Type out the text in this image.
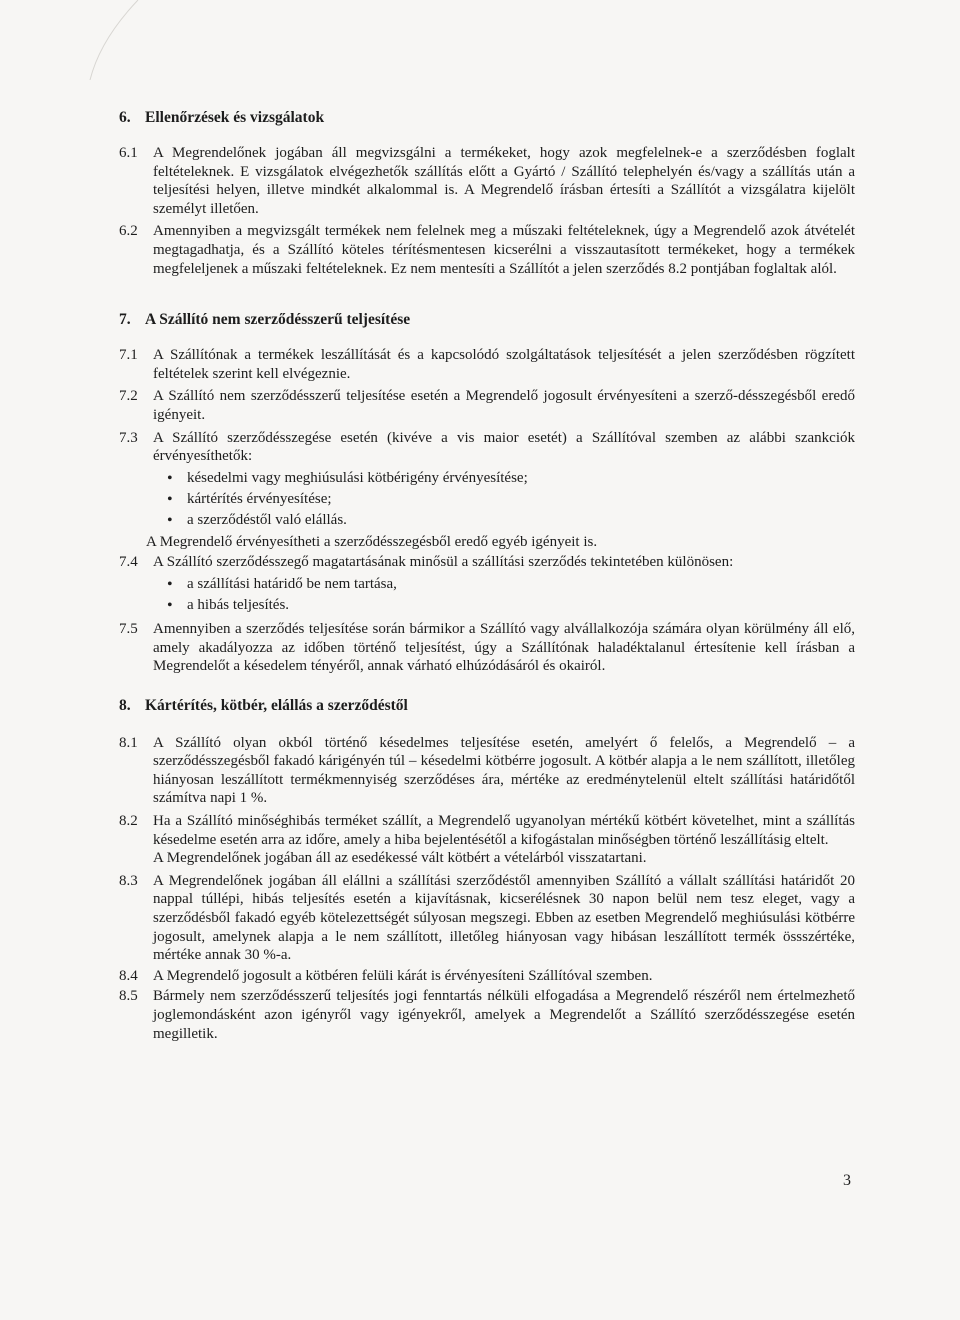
6. Ellenőrzések és vizsgálatok
6.1	A Megrendelőnek jogában áll megvizsgálni a termékeket, hogy azok megfelelnek-e a szerződésben foglalt feltételeknek. E vizsgálatok elvégezhetők szállítás előtt a Gyártó / Szállító telephelyén és/vagy a szállítás után a teljesítési helyen, illetve mindkét alkalommal is. A Megrendelő írásban értesíti a Szállítót a vizsgálatra kijelölt személyt illetően.
6.2	Amennyiben a megvizsgált termékek nem felelnek meg a műszaki feltételeknek, úgy a Megrendelő azok átvételét megtagadhatja, és a Szállító köteles térítésmentesen kicserélni a visszautasított termékeket, hogy a termékek megfeleljenek a műszaki feltételeknek. Ez nem mentesíti a Szállítót a jelen szerződés 8.2 pontjában foglaltak alól.
7. A Szállító nem szerződésszerű teljesítése
7.1	A Szállítónak a termékek leszállítását és a kapcsolódó szolgáltatások teljesítését a jelen szerződésben rögzített feltételek szerint kell elvégeznie.
7.2	A Szállító nem szerződésszerű teljesítése esetén a Megrendelő jogosult érvényesíteni a szerző-désszegésből eredő igényeit.
7.3	A Szállító szerződésszegése esetén (kivéve a vis maior esetét) a Szállítóval szemben az alábbi szankciók érvényesíthetők:
• késedelmi vagy meghiúsulási kötbérigény érvényesítése;
• kártérítés érvényesítése;
• a szerződéstől való elállás.
A Megrendelő érvényesítheti a szerződésszegésből eredő egyéb igényeit is.
7.4	A Szállító szerződésszegő magatartásának minősül a szállítási szerződés tekintetében különösen:
• a szállítási határidő be nem tartása,
• a hibás teljesítés.
7.5	Amennyiben a szerződés teljesítése során bármikor a Szállító vagy alvállalkozója számára olyan körülmény áll elő, amely akadályozza az időben történő teljesítést, úgy a Szállítónak haladéktalanul értesítenie kell írásban a Megrendelőt a késedelem tényéről, annak várható elhúzódásáról és okairól.
8. Kártérítés, kötbér, elállás a szerződéstől
8.1	A Szállító olyan okból történő késedelmes teljesítése esetén, amelyért ő felelős, a Megrendelő – a szerződésszegésből fakadó kárigényén túl – késedelmi kötbérre jogosult. A kötbér alapja a le nem szállított, illetőleg hiányosan leszállított termékmennyiség szerződéses ára, mértéke az eredménytelenül eltelt szállítási határidőtől számítva napi 1 %.
8.2	Ha a Szállító minőséghibás terméket szállít, a Megrendelő ugyanolyan mértékű kötbért követelhet, mint a szállítás késedelme esetén arra az időre, amely a hiba bejelentésétől a kifogástalan minőségben történő leszállításig eltelt.
A Megrendelőnek jogában áll az esedékessé vált kötbért a vételárból visszatartani.
8.3	A Megrendelőnek jogában áll elállni a szállítási szerződéstől amennyiben Szállító a vállalt szállítási határidőt 20 nappal túllépi, hibás teljesítés esetén a kijavításnak, kicserélésnek 30 napon belül nem tesz eleget, vagy a szerződésből fakadó egyéb kötelezettségét súlyosan megszegi. Ebben az esetben Megrendelő meghiúsulási kötbérre jogosult, amelynek alapja a le nem szállított, illetőleg hiányosan vagy hibásan leszállított termék össszértéke, mértéke annak 30 %-a.
8.4	A Megrendelő jogosult a kötbéren felüli kárát is érvényesíteni Szállítóval szemben.
8.5	Bármely nem szerződésszerű teljesítés jogi fenntartás nélküli elfogadása a Megrendelő részéről nem értelmezhető joglemondásként azon igényről vagy igényekről, amelyek a Megrendelőt a Szállító szerződésszegése esetén megilletik.
3
